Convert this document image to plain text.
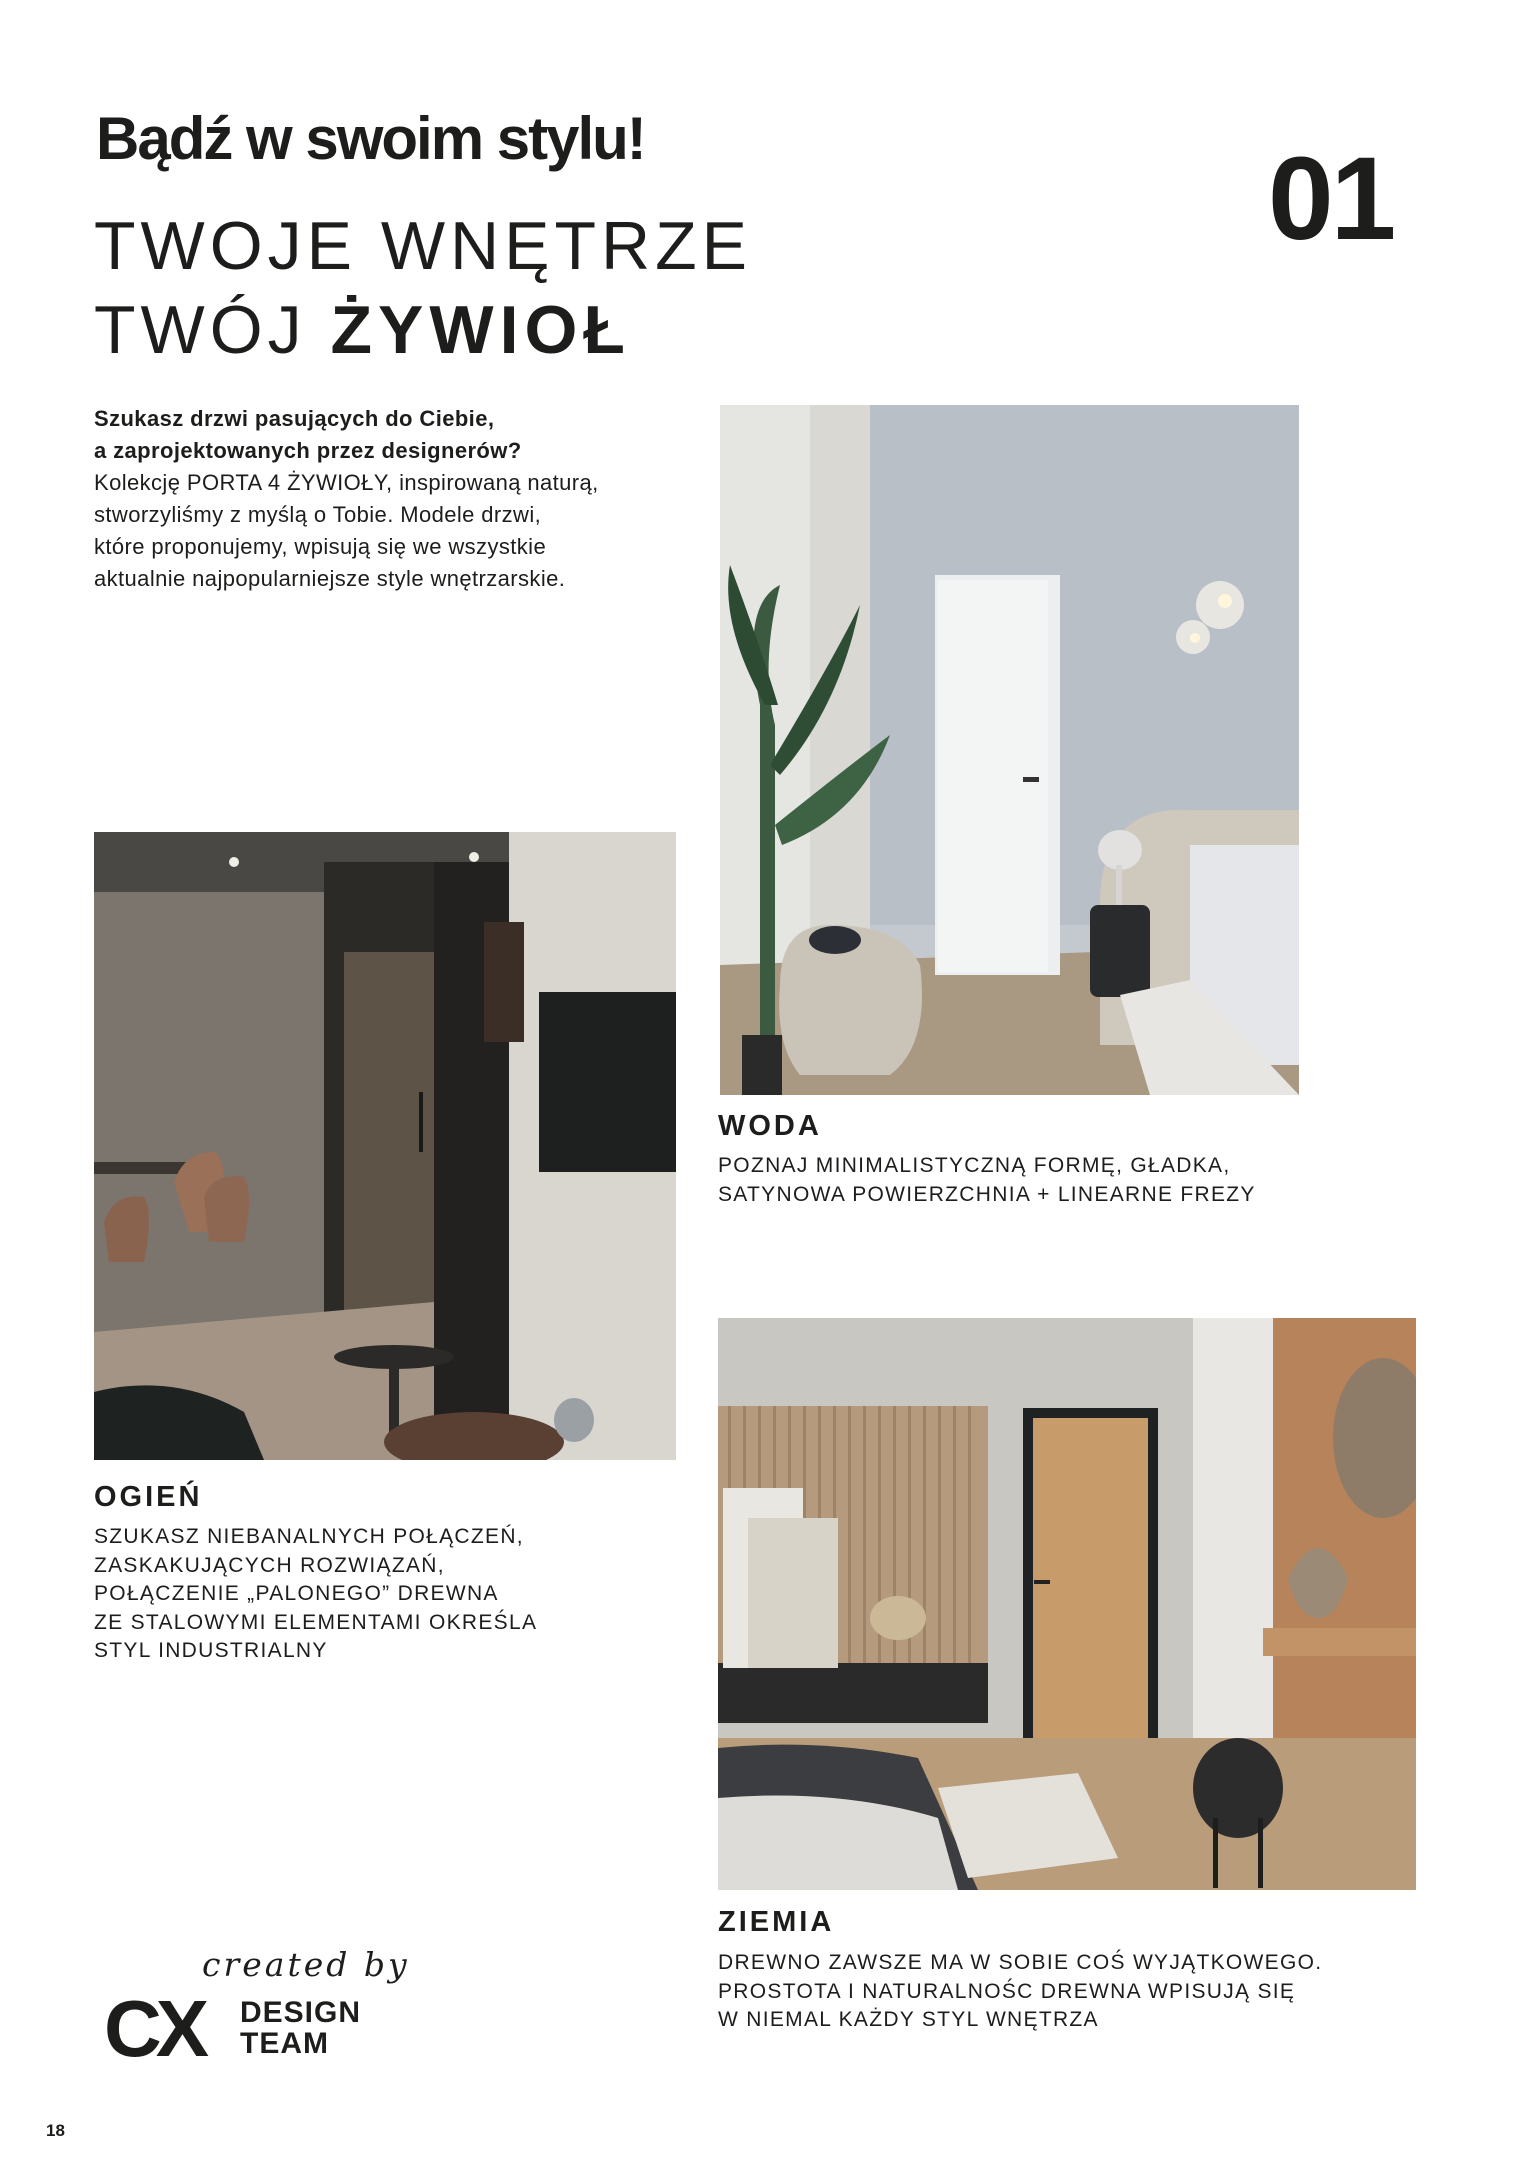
Bądź w swoim stylu!	01
TWOJE WNĘTRZE
TWÓJ ŻYWIOŁ
Szukasz drzwi pasujących do Ciebie,
a zaprojektowanych przez designerów?
Kolekcję PORTA 4 ŻYWIOŁY, inspirowaną naturą,
stworzyliśmy z myślą o Tobie. Modele drzwi,
które proponujemy, wpisują się we wszystkie
aktualnie najpopularniejsze style wnętrzarskie.
WODA
POZNAJ MINIMALISTYCZNĄ FORMĘ, GŁADKA,
SATYNOWA POWIERZCHNIA + LINEARNE FREZY
OGIEŃ
SZUKASZ NIEBANALNYCH POŁĄCZEŃ,
ZASKAKUJĄCYCH ROZWIĄZAŃ,
POŁĄCZENIE „PALONEGO” DREWNA
ZE STALOWYMI ELEMENTAMI OKREŚLA
STYL INDUSTRIALNY
ZIEMIA
DREWNO ZAWSZE MA W SOBIE COŚ WYJĄTKOWEGO.
PROSTOTA I NATURALNOŚC DREWNA WPISUJĄ SIĘ
W NIEMAL KAŻDY STYL WNĘTRZA
created by
CX DESIGN
TEAM
18
